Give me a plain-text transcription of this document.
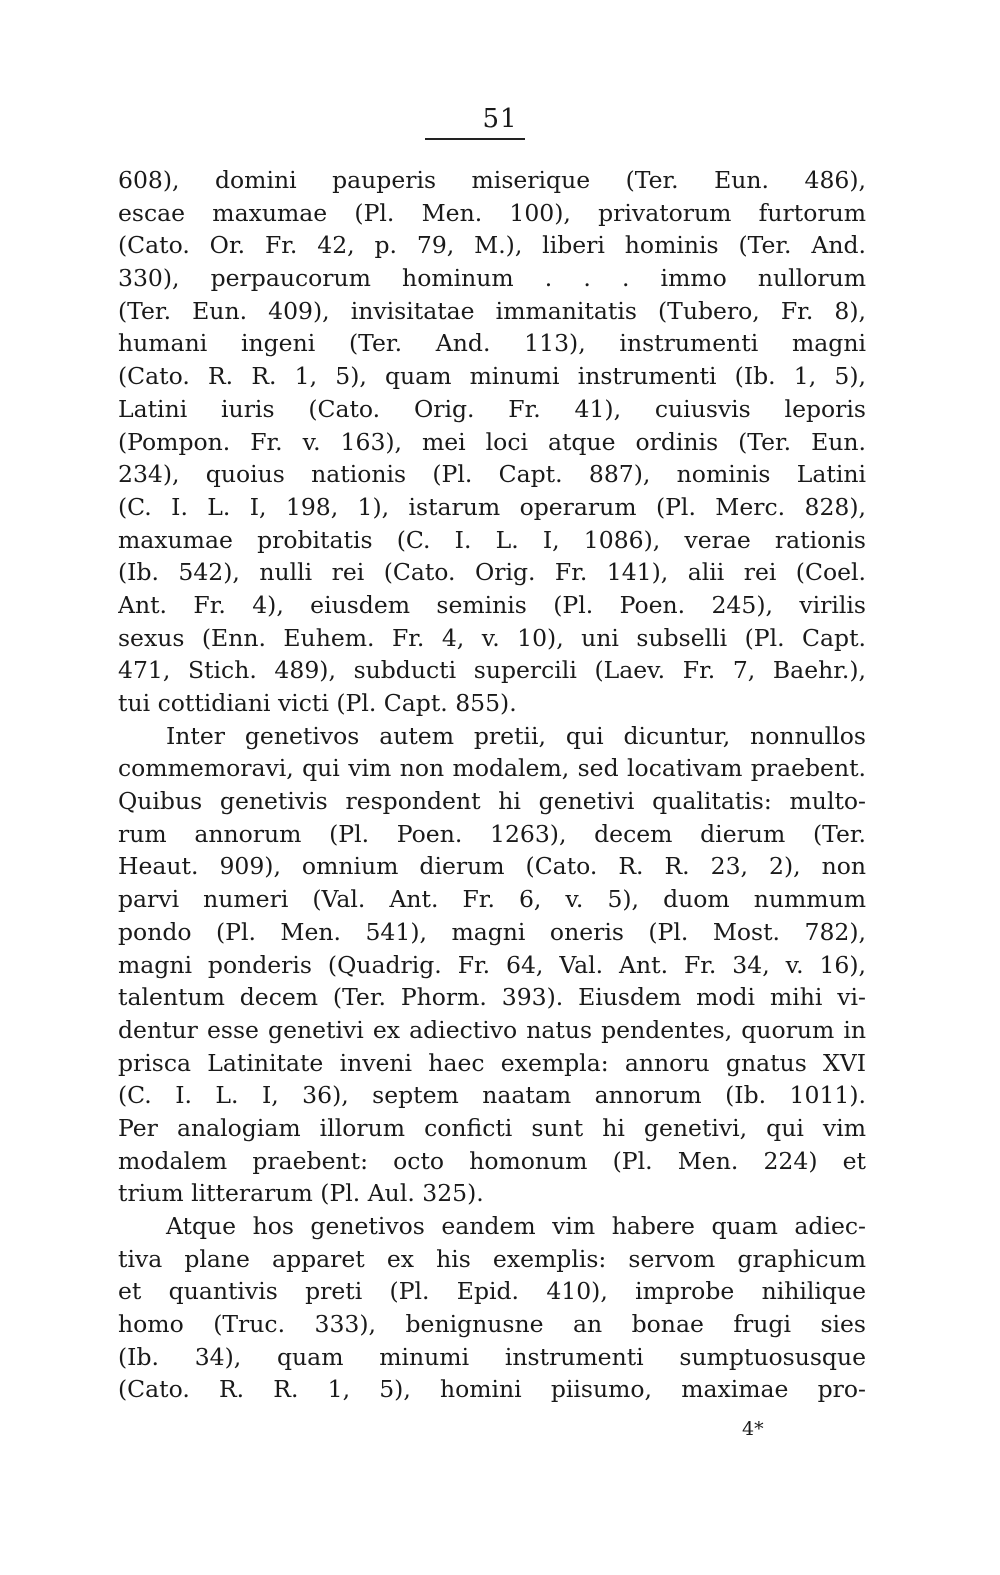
51
608), domini pauperis miserique (Ter. Eun. 486),
escae maxumae (Pl. Men. 100), privatorum furtorum
(Cato. Or. Fr. 42, p. 79, M.), liberi hominis (Ter. And.
330), perpaucorum hominum . . . immo nullorum
(Ter. Eun. 409), invisitatae immanitatis (Tubero, Fr. 8),
humani ingeni (Ter. And. 113), instrumenti magni
(Cato. R. R. 1, 5), quam minumi instrumenti (Ib. 1, 5),
Latini iuris (Cato. Orig. Fr. 41), cuiusvis leporis
(Pompon. Fr. v. 163), mei loci atque ordinis (Ter. Eun.
234), quoius nationis (Pl. Capt. 887), nominis Latini
(C. I. L. I, 198, 1), istarum operarum (Pl. Merc. 828),
maxumae probitatis (C. I. L. I, 1086), verae rationis
(Ib. 542), nulli rei (Cato. Orig. Fr. 141), alii rei (Coel.
Ant. Fr. 4), eiusdem seminis (Pl. Poen. 245), virilis
sexus (Enn. Euhem. Fr. 4, v. 10), uni subselli (Pl. Capt.
471, Stich. 489), subducti supercili (Laev. Fr. 7, Baehr.),
tui cottidiani victi (Pl. Capt. 855).
Inter genetivos autem pretii, qui dicuntur, nonnullos
commemoravi, qui vim non modalem, sed locativam praebent.
Quibus genetivis respondent hi genetivi qualitatis: multo-
rum annorum (Pl. Poen. 1263), decem dierum (Ter.
Heaut. 909), omnium dierum (Cato. R. R. 23, 2), non
parvi numeri (Val. Ant. Fr. 6, v. 5), duom nummum
pondo (Pl. Men. 541), magni oneris (Pl. Most. 782),
magni ponderis (Quadrig. Fr. 64, Val. Ant. Fr. 34, v. 16),
talentum decem (Ter. Phorm. 393). Eiusdem modi mihi vi-
dentur esse genetivi ex adiectivo natus pendentes, quorum in
prisca Latinitate inveni haec exempla: annoru gnatus XVI
(C. I. L. I, 36), septem naatam annorum (Ib. 1011).
Per analogiam illorum conficti sunt hi genetivi, qui vim
modalem praebent: octo homonum (Pl. Men. 224) et
trium litterarum (Pl. Aul. 325).
Atque hos genetivos eandem vim habere quam adiec-
tiva plane apparet ex his exemplis: servom graphicum
et quantivis preti (Pl. Epid. 410), improbe nihilique
homo (Truc. 333), benignusne an bonae frugi sies
(Ib. 34), quam minumi instrumenti sumptuosusque
(Cato. R. R. 1, 5), homini piisumo, maximae pro-
4*
